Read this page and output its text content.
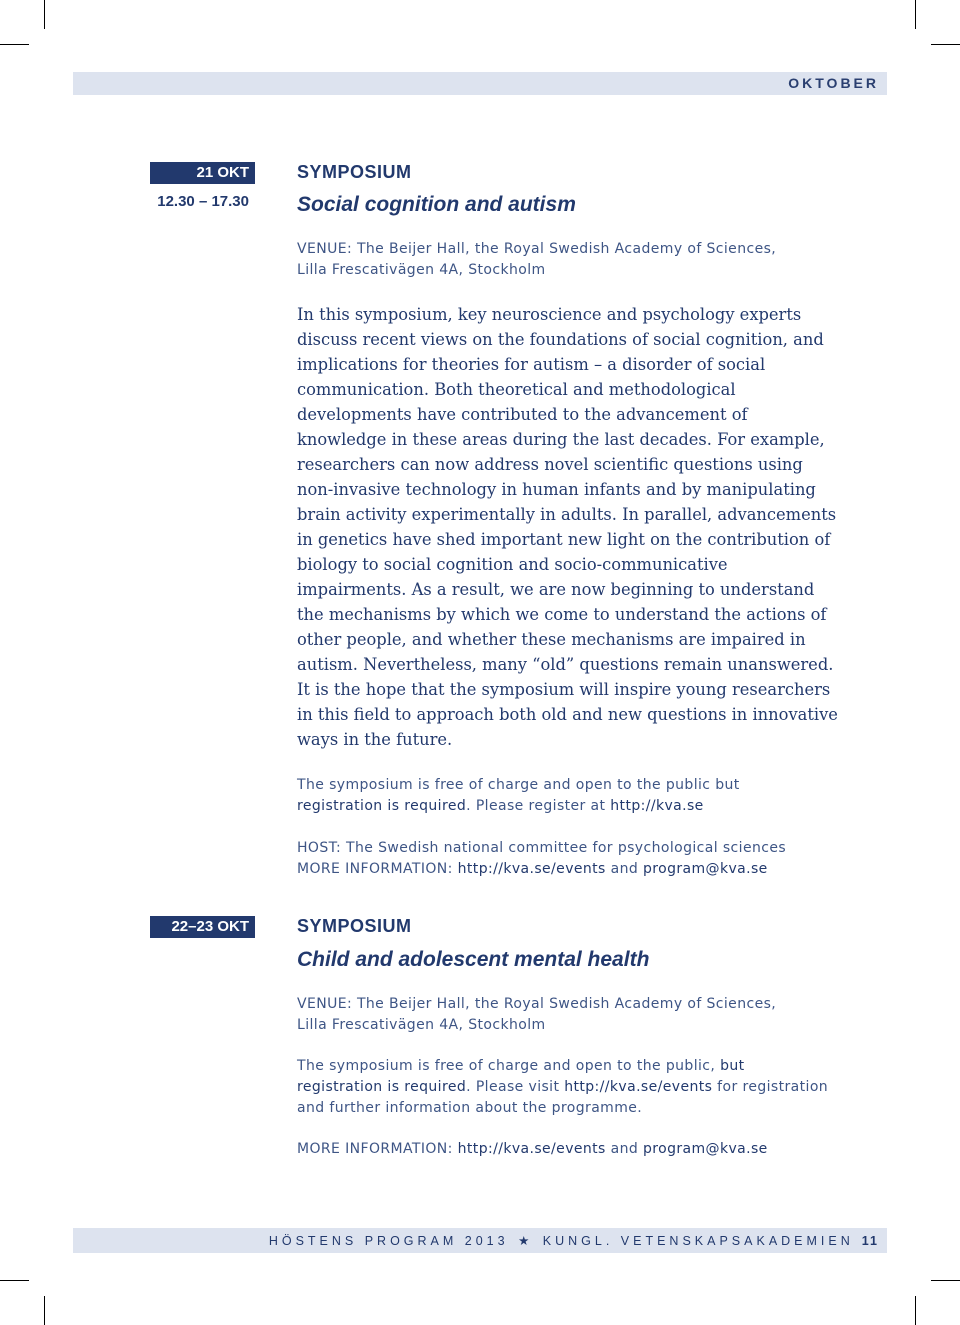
OKTOBER
21 OKT
12.30 – 17.30
SYMPOSIUM
Social cognition and autism
VENUE: The Beijer Hall, the Royal Swedish Academy of Sciences,
Lilla Frescativägen 4A, Stockholm
In this symposium, key neuroscience and psychology experts discuss recent views on the foundations of social cognition, and implications for theories for autism – a disorder of social communication. Both theoretical and methodological developments have contributed to the advancement of knowledge in these areas during the last decades. For example, researchers can now address novel scientific questions using non-invasive technology in human infants and by manipulating brain activity experimentally in adults. In parallel, advancements in genetics have shed important new light on the contribution of biology to social cognition and socio-communicative impairments. As a result, we are now beginning to understand the mechanisms by which we come to understand the actions of other people, and whether these mechanisms are impaired in autism. Nevertheless, many “old” questions remain unanswered. It is the hope that the symposium will inspire young researchers in this field to approach both old and new questions in innovative ways in the future.
The symposium is free of charge and open to the public but registration is required. Please register at http://kva.se
HOST: The Swedish national committee for psychological sciences
MORE INFORMATION: http://kva.se/events and program@kva.se
22–23 OKT	SYMPOSIUM
Child and adolescent mental health
VENUE: The Beijer Hall, the Royal Swedish Academy of Sciences,
Lilla Frescativägen 4A, Stockholm
The symposium is free of charge and open to the public, but registration is required. Please visit http://kva.se/events for registration and further information about the programme.
MORE INFORMATION: http://kva.se/events and program@kva.se
HÖSTENS PROGRAM 2013 ★ KUNGL. VETENSKAPSAKADEMIEN 11
